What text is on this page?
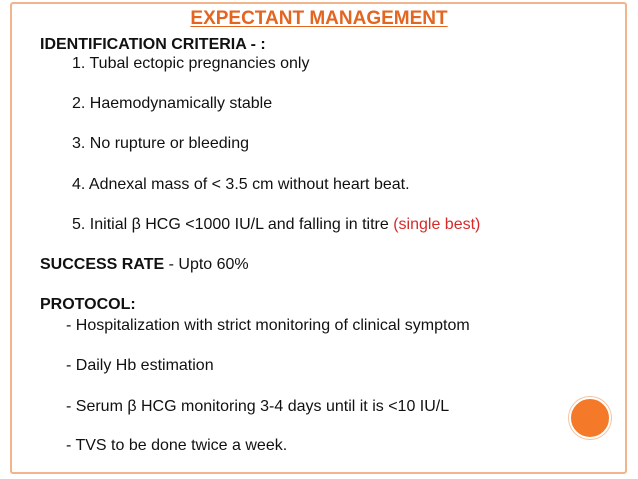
EXPECTANT MANAGEMENT
IDENTIFICATION CRITERIA - :
1. Tubal ectopic pregnancies only
2. Haemodynamically stable
3. No rupture or bleeding
4. Adnexal mass of < 3.5 cm without heart beat.
5. Initial β HCG <1000 IU/L and falling in titre (single best)
SUCCESS RATE - Upto 60%
PROTOCOL:
- Hospitalization with strict monitoring of clinical symptom
- Daily Hb estimation
- Serum β HCG monitoring 3-4 days until it is <10 IU/L
- TVS to be done twice a week.
